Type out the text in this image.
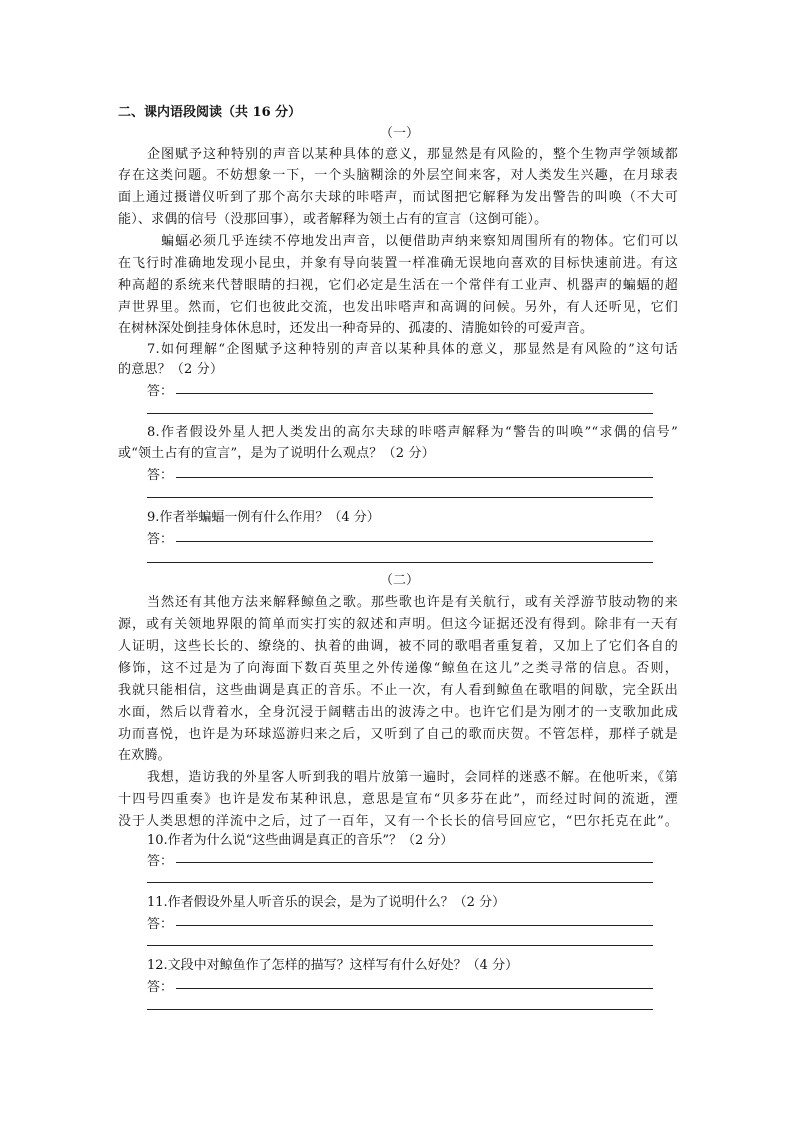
二、课内语段阅读（共 16 分）
（一）
企图赋予这种特别的声音以某种具体的意义，那显然是有风险的，整个生物声学领域都
存在这类问题。不妨想象一下，一个头脑糊涂的外层空间来客，对人类发生兴趣，在月球表
面上通过摄谱仪听到了那个高尔夫球的咔嗒声，而试图把它解释为发出警告的叫唤（不大可
能）、求偶的信号（没那回事），或者解释为领土占有的宣言（这倒可能）。
蝙蝠必须几乎连续不停地发出声音，以便借助声纳来察知周围所有的物体。它们可以
在飞行时准确地发现小昆虫，并象有导向装置一样准确无误地向喜欢的目标快速前进。有这
种高超的系统来代替眼睛的扫视，它们必定是生活在一个常伴有工业声、机器声的蝙蝠的超
声世界里。然而，它们也彼此交流，也发出咔嗒声和高调的问候。另外，有人还听见，它们
在树林深处倒挂身体休息时，还发出一种奇异的、孤凄的、清脆如铃的可爱声音。
7.如何理解“企图赋予这种特别的声音以某种具体的意义，那显然是有风险的”这句话
的意思？（2 分）
答：
8.作者假设外星人把人类发出的高尔夫球的咔嗒声解释为“警告的叫唤”“求偶的信号”
或“领土占有的宣言”，是为了说明什么观点？（2 分）
答：
9.作者举蝙蝠一例有什么作用？（4 分）
答：
（二）
当然还有其他方法来解释鲸鱼之歌。那些歌也许是有关航行，或有关浮游节肢动物的来
源，或有关领地界限的简单而实打实的叙述和声明。但这今证据还没有得到。除非有一天有
人证明，这些长长的、缭绕的、执着的曲调，被不同的歌唱者重复着，又加上了它们各自的
修饰，这不过是为了向海面下数百英里之外传递像“鲸鱼在这儿”之类寻常的信息。否则，
我就只能相信，这些曲调是真正的音乐。不止一次，有人看到鲸鱼在歌唱的间歇，完全跃出
水面，然后以背着水，全身沉浸于阔轄击出的波涛之中。也许它们是为刚才的一支歌加此成
功而喜悦，也许是为环球巡游归来之后，又听到了自己的歌而庆贺。不管怎样，那样子就是
在欢腾。
我想，造访我的外星客人听到我的唱片放第一遍时，会同样的迷惑不解。在他听来，《第
十四号四重奏》也许是发布某种讯息，意思是宣布“贝多芬在此”，而经过时间的流逝，湮
没于人类思想的洋流中之后，过了一百年，又有一个长长的信号回应它，“巴尔托克在此”。
10.作者为什么说“这些曲调是真正的音乐”？（2 分）
答：
11.作者假设外星人听音乐的误会，是为了说明什么？（2 分）
答：
12.文段中对鲸鱼作了怎样的描写？这样写有什么好处？（4 分）
答：
